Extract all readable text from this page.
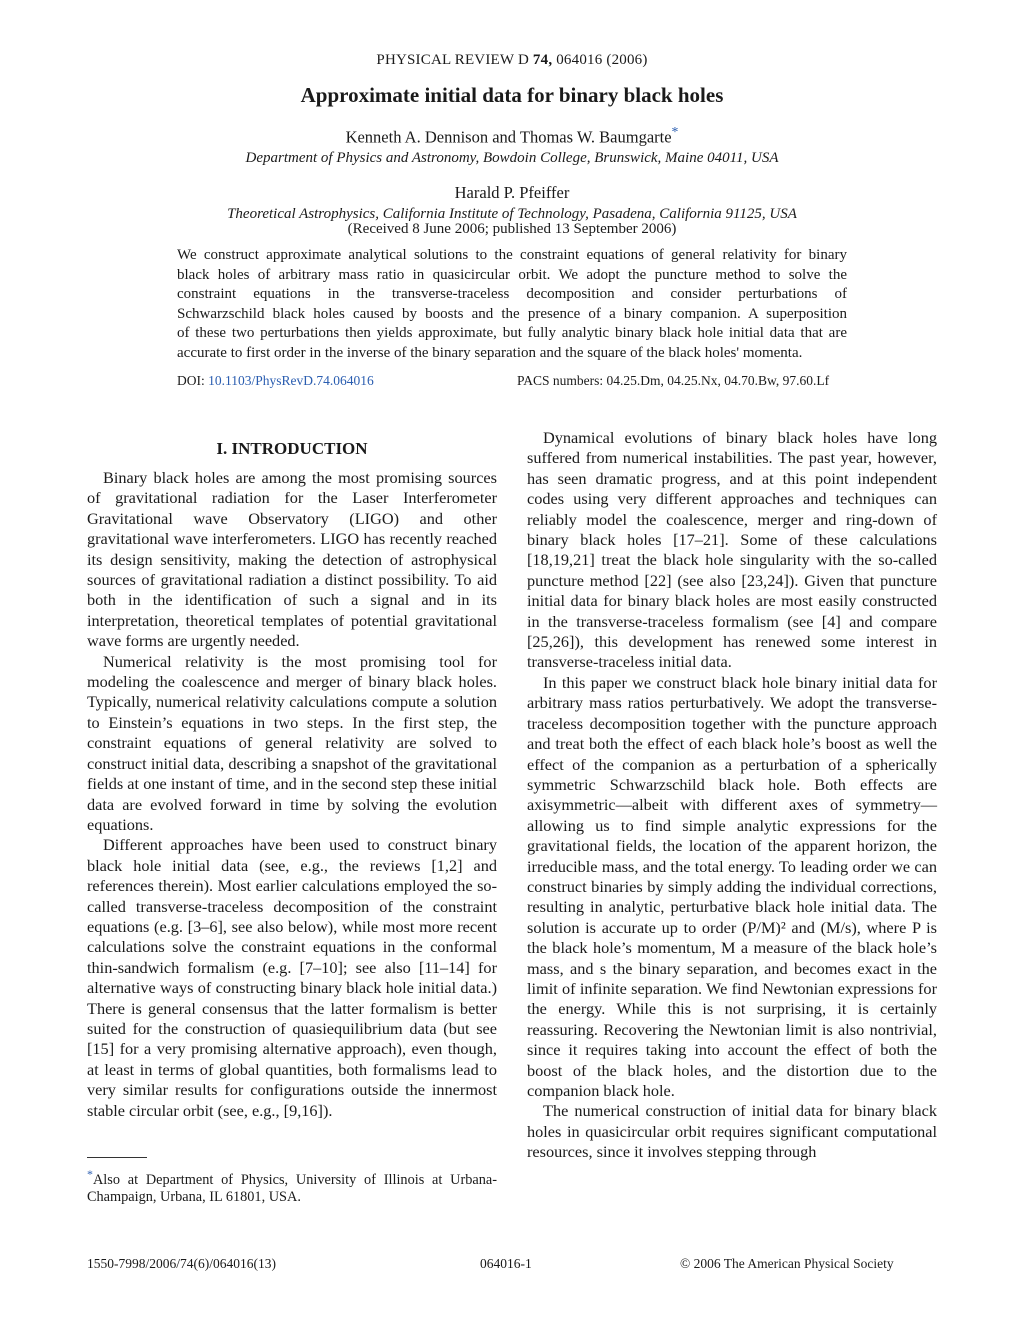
PHYSICAL REVIEW D 74, 064016 (2006)
Approximate initial data for binary black holes
Kenneth A. Dennison and Thomas W. Baumgarte*
Department of Physics and Astronomy, Bowdoin College, Brunswick, Maine 04011, USA
Harald P. Pfeiffer
Theoretical Astrophysics, California Institute of Technology, Pasadena, California 91125, USA
(Received 8 June 2006; published 13 September 2006)

We construct approximate analytical solutions to the constraint equations of general relativity for binary

black holes of arbitrary mass ratio in quasicircular orbit. We adopt the puncture method to solve the

constraint equations in the transverse-traceless decomposition and consider perturbations of

Schwarzschild black holes caused by boosts and the presence of a binary companion. A superposition

of these two perturbations then yields approximate, but fully analytic binary black hole initial data that are

accurate to first order in the inverse of the binary separation and the square of the black holes' momenta.

DOI: 10.1103/PhysRevD.74.064016	PACS numbers: 04.25.Dm, 04.25.Nx, 04.70.Bw, 97.60.Lf
I. INTRODUCTION

Binary black holes are among the most promising sources of gravitational radiation for the Laser Interferometer Gravitational wave Observatory (LIGO) and other gravitational wave interferometers. LIGO has recently reached its design sensitivity, making the detection of astrophysical sources of gravitational radiation a distinct possibility. To aid both in the identification of such a signal and in its interpretation, theoretical templates of potential gravitational wave forms are urgently needed.

Numerical relativity is the most promising tool for modeling the coalescence and merger of binary black holes. Typically, numerical relativity calculations compute a solution to Einstein’s equations in two steps. In the first step, the constraint equations of general relativity are solved to construct initial data, describing a snapshot of the gravitational fields at one instant of time, and in the second step these initial data are evolved forward in time by solving the evolution equations.

Different approaches have been used to construct binary black hole initial data (see, e.g., the reviews [1,2] and references therein). Most earlier calculations employed the so-called transverse-traceless decomposition of the constraint equations (e.g. [3–6], see also below), while most more recent calculations solve the constraint equations in the conformal thin-sandwich formalism (e.g. [7–10]; see also [11–14] for alternative ways of constructing binary black hole initial data.) There is general consensus that the latter formalism is better suited for the construction of quasiequilibrium data (but see [15] for a very promising alternative approach), even though, at least in terms of global quantities, both formalisms lead to very similar results for configurations outside the innermost stable circular orbit (see, e.g., [9,16]).

Dynamical evolutions of binary black holes have long suffered from numerical instabilities. The past year, however, has seen dramatic progress, and at this point independent codes using very different approaches and techniques can reliably model the coalescence, merger and ring-down of binary black holes [17–21]. Some of these calculations [18,19,21] treat the black hole singularity with the so-called puncture method [22] (see also [23,24]). Given that puncture initial data for binary black holes are most easily constructed in the transverse-traceless formalism (see [4] and compare [25,26]), this development has renewed some interest in transverse-traceless initial data.

In this paper we construct black hole binary initial data for arbitrary mass ratios perturbatively. We adopt the transverse-traceless decomposition together with the puncture approach and treat both the effect of each black hole’s boost as well the effect of the companion as a perturbation of a spherically symmetric Schwarzschild black hole. Both effects are axisymmetric—albeit with different axes of symmetry—allowing us to find simple analytic expressions for the gravitational fields, the location of the apparent horizon, the irreducible mass, and the total energy. To leading order we can construct binaries by simply adding the individual corrections, resulting in analytic, perturbative black hole initial data. The solution is accurate up to order (P/M)² and (M/s), where P is the black hole’s momentum, M a measure of the black hole’s mass, and s the binary separation, and becomes exact in the limit of infinite separation. We find Newtonian expressions for the energy. While this is not surprising, it is certainly reassuring. Recovering the Newtonian limit is also nontrivial, since it requires taking into account the effect of both the boost of the black holes, and the distortion due to the companion black hole.

The numerical construction of initial data for binary black holes in quasicircular orbit requires significant computational resources, since it involves stepping through

*Also at Department of Physics, University of Illinois at Urbana-Champaign, Urbana, IL 61801, USA.
1550-7998/2006/74(6)/064016(13)	064016-1	© 2006 The American Physical Society
